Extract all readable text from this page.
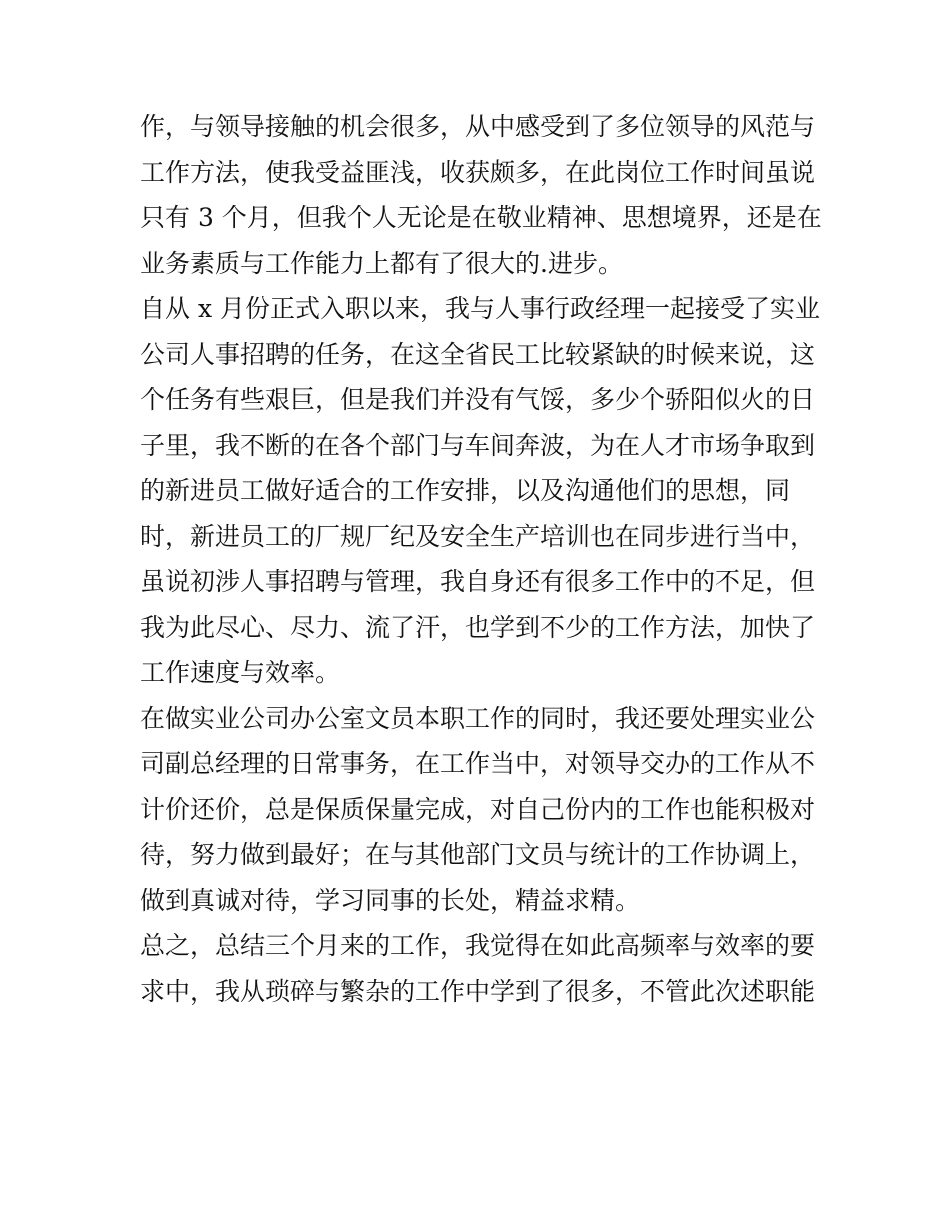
作，与领导接触的机会很多，从中感受到了多位领导的风范与
工作方法，使我受益匪浅，收获颇多，在此岗位工作时间虽说
只有 3 个月，但我个人无论是在敬业精神、思想境界，还是在
业务素质与工作能力上都有了很大的.进步。
自从 x 月份正式入职以来，我与人事行政经理一起接受了实业
公司人事招聘的任务，在这全省民工比较紧缺的时候来说，这
个任务有些艰巨，但是我们并没有气馁，多少个骄阳似火的日
子里，我不断的在各个部门与车间奔波，为在人才市场争取到
的新进员工做好适合的工作安排，以及沟通他们的思想，同
时，新进员工的厂规厂纪及安全生产培训也在同步进行当中，
虽说初涉人事招聘与管理，我自身还有很多工作中的不足，但
我为此尽心、尽力、流了汗，也学到不少的工作方法，加快了
工作速度与效率。
在做实业公司办公室文员本职工作的同时，我还要处理实业公
司副总经理的日常事务，在工作当中，对领导交办的工作从不
计价还价，总是保质保量完成，对自己份内的工作也能积极对
待，努力做到最好；在与其他部门文员与统计的工作协调上，
做到真诚对待，学习同事的长处，精益求精。
总之，总结三个月来的工作，我觉得在如此高频率与效率的要
求中，我从琐碎与繁杂的工作中学到了很多，不管此次述职能
